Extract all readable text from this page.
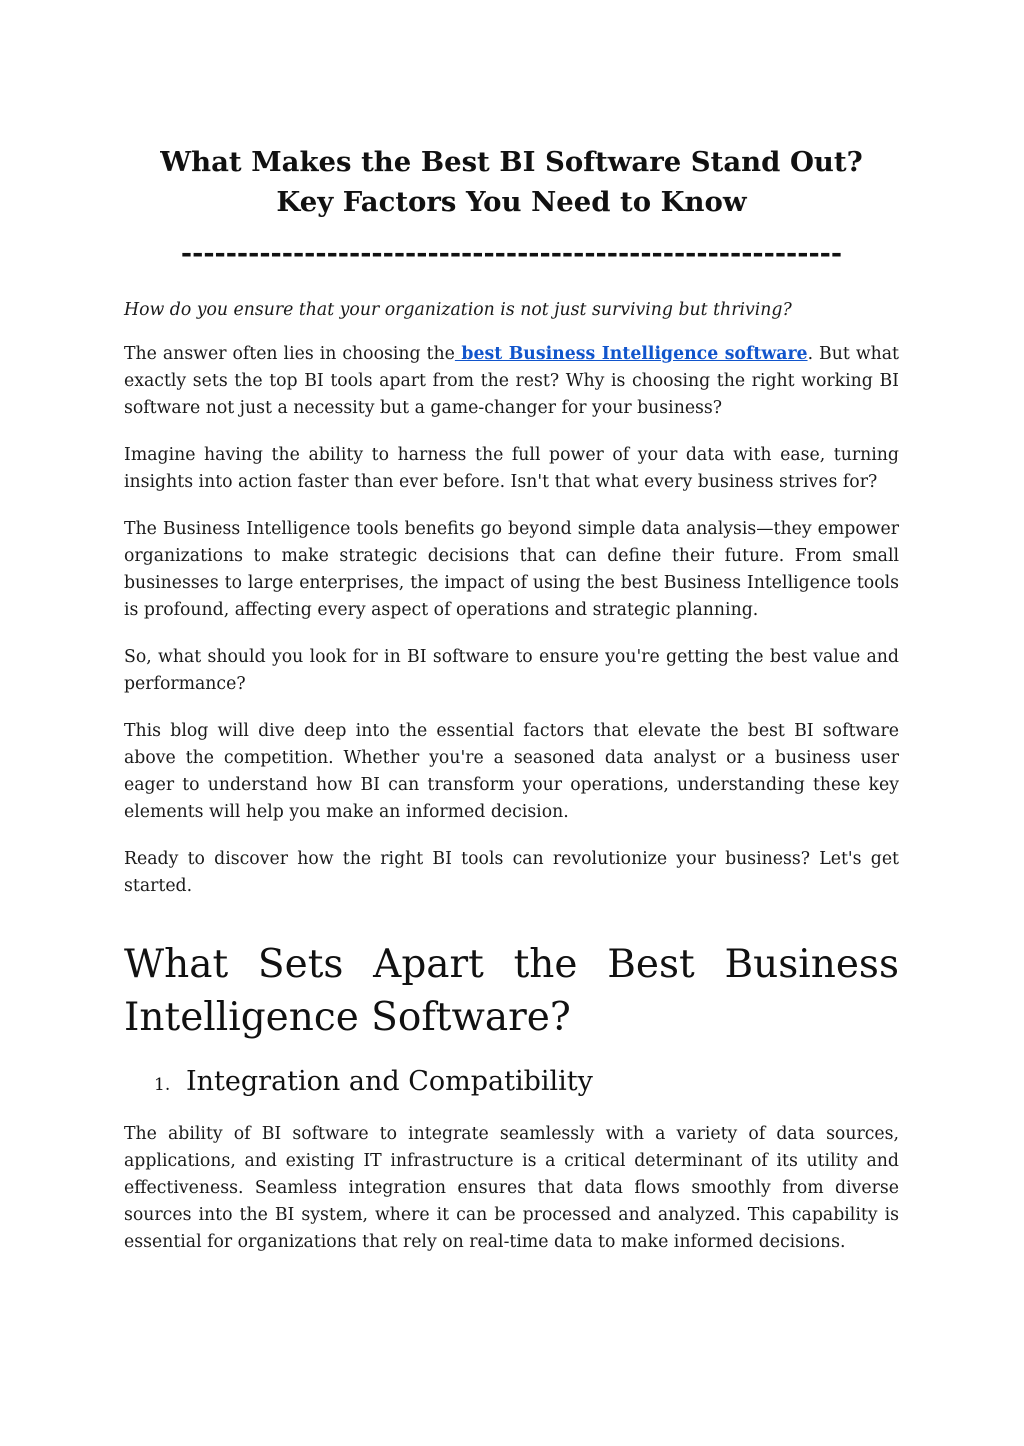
What Makes the Best BI Software Stand Out?
Key Factors You Need to Know
-----------------------------------------------------------

How do you ensure that your organization is not just surviving but thriving?

The answer often lies in choosing the best Business Intelligence software. But what exactly sets the top BI tools apart from the rest? Why is choosing the right working BI software not just a necessity but a game-changer for your business?

Imagine having the ability to harness the full power of your data with ease, turning insights into action faster than ever before. Isn't that what every business strives for?

The Business Intelligence tools benefits go beyond simple data analysis—they empower organizations to make strategic decisions that can define their future. From small businesses to large enterprises, the impact of using the best Business Intelligence tools is profound, affecting every aspect of operations and strategic planning.

So, what should you look for in BI software to ensure you're getting the best value and performance?

This blog will dive deep into the essential factors that elevate the best BI software above the competition. Whether you're a seasoned data analyst or a business user eager to understand how BI can transform your operations, understanding these key elements will help you make an informed decision.

Ready to discover how the right BI tools can revolutionize your business? Let's get started.

What Sets Apart the Best Business
Intelligence Software?
1. Integration and Compatibility

The ability of BI software to integrate seamlessly with a variety of data sources, applications, and existing IT infrastructure is a critical determinant of its utility and effectiveness. Seamless integration ensures that data flows smoothly from diverse sources into the BI system, where it can be processed and analyzed. This capability is essential for organizations that rely on real-time data to make informed decisions.
